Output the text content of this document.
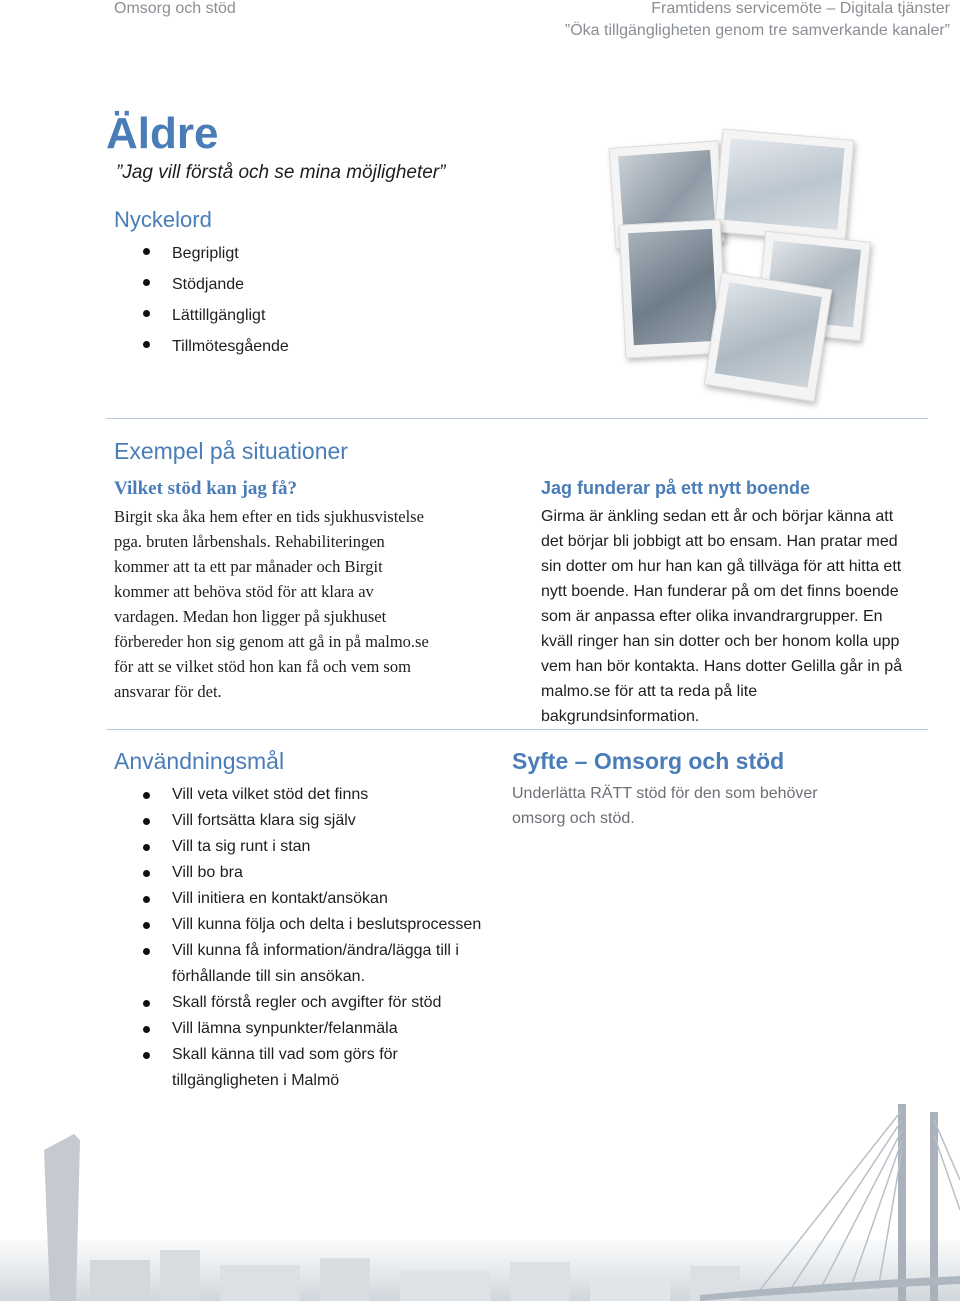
Omsorg och stöd	Framtidens servicemöte – Digitala tjänster
”Öka tillgängligheten genom tre samverkande kanaler”
Äldre
”Jag vill förstå och se mina möjligheter”
Nyckelord
Begripligt
Stödjande
Lättillgängligt
Tillmötesgående
Exempel på situationer
Vilket stöd kan jag få?
Birgit ska åka hem efter en tids sjukhusvistelse
pga. bruten lårbenshals. Rehabiliteringen
kommer att ta ett par månader och Birgit
kommer att behöva stöd för att klara av
vardagen. Medan hon ligger på sjukhuset
förbereder hon sig genom att gå in på malmo.se
för att se vilket stöd hon kan få och vem som
ansvarar för det.
Jag funderar på ett nytt boende
Girma är änkling sedan ett år och börjar känna att
det börjar bli jobbigt att bo ensam. Han pratar med
sin dotter om hur han kan gå tillväga för att hitta ett
nytt boende. Han funderar på om det finns boende
som är anpassa efter olika invandrargrupper. En
kväll ringer han sin dotter och ber honom kolla upp
vem han bör kontakta. Hans dotter Gelilla går in på
malmo.se för att ta reda på lite
bakgrundsinformation.
Användningsmål
Vill veta vilket stöd det finns
Vill fortsätta klara sig själv
Vill ta sig runt i stan
Vill bo bra
Vill initiera en kontakt/ansökan
Vill kunna följa och delta i beslutsprocessen
Vill kunna få information/ändra/lägga till i förhållande till sin ansökan.
Skall förstå regler och avgifter för stöd
Vill lämna synpunkter/felanmäla
Skall känna till vad som görs för tillgängligheten i Malmö
Syfte – Omsorg och stöd
Underlätta RÄTT stöd för den som behöver
omsorg och stöd.
